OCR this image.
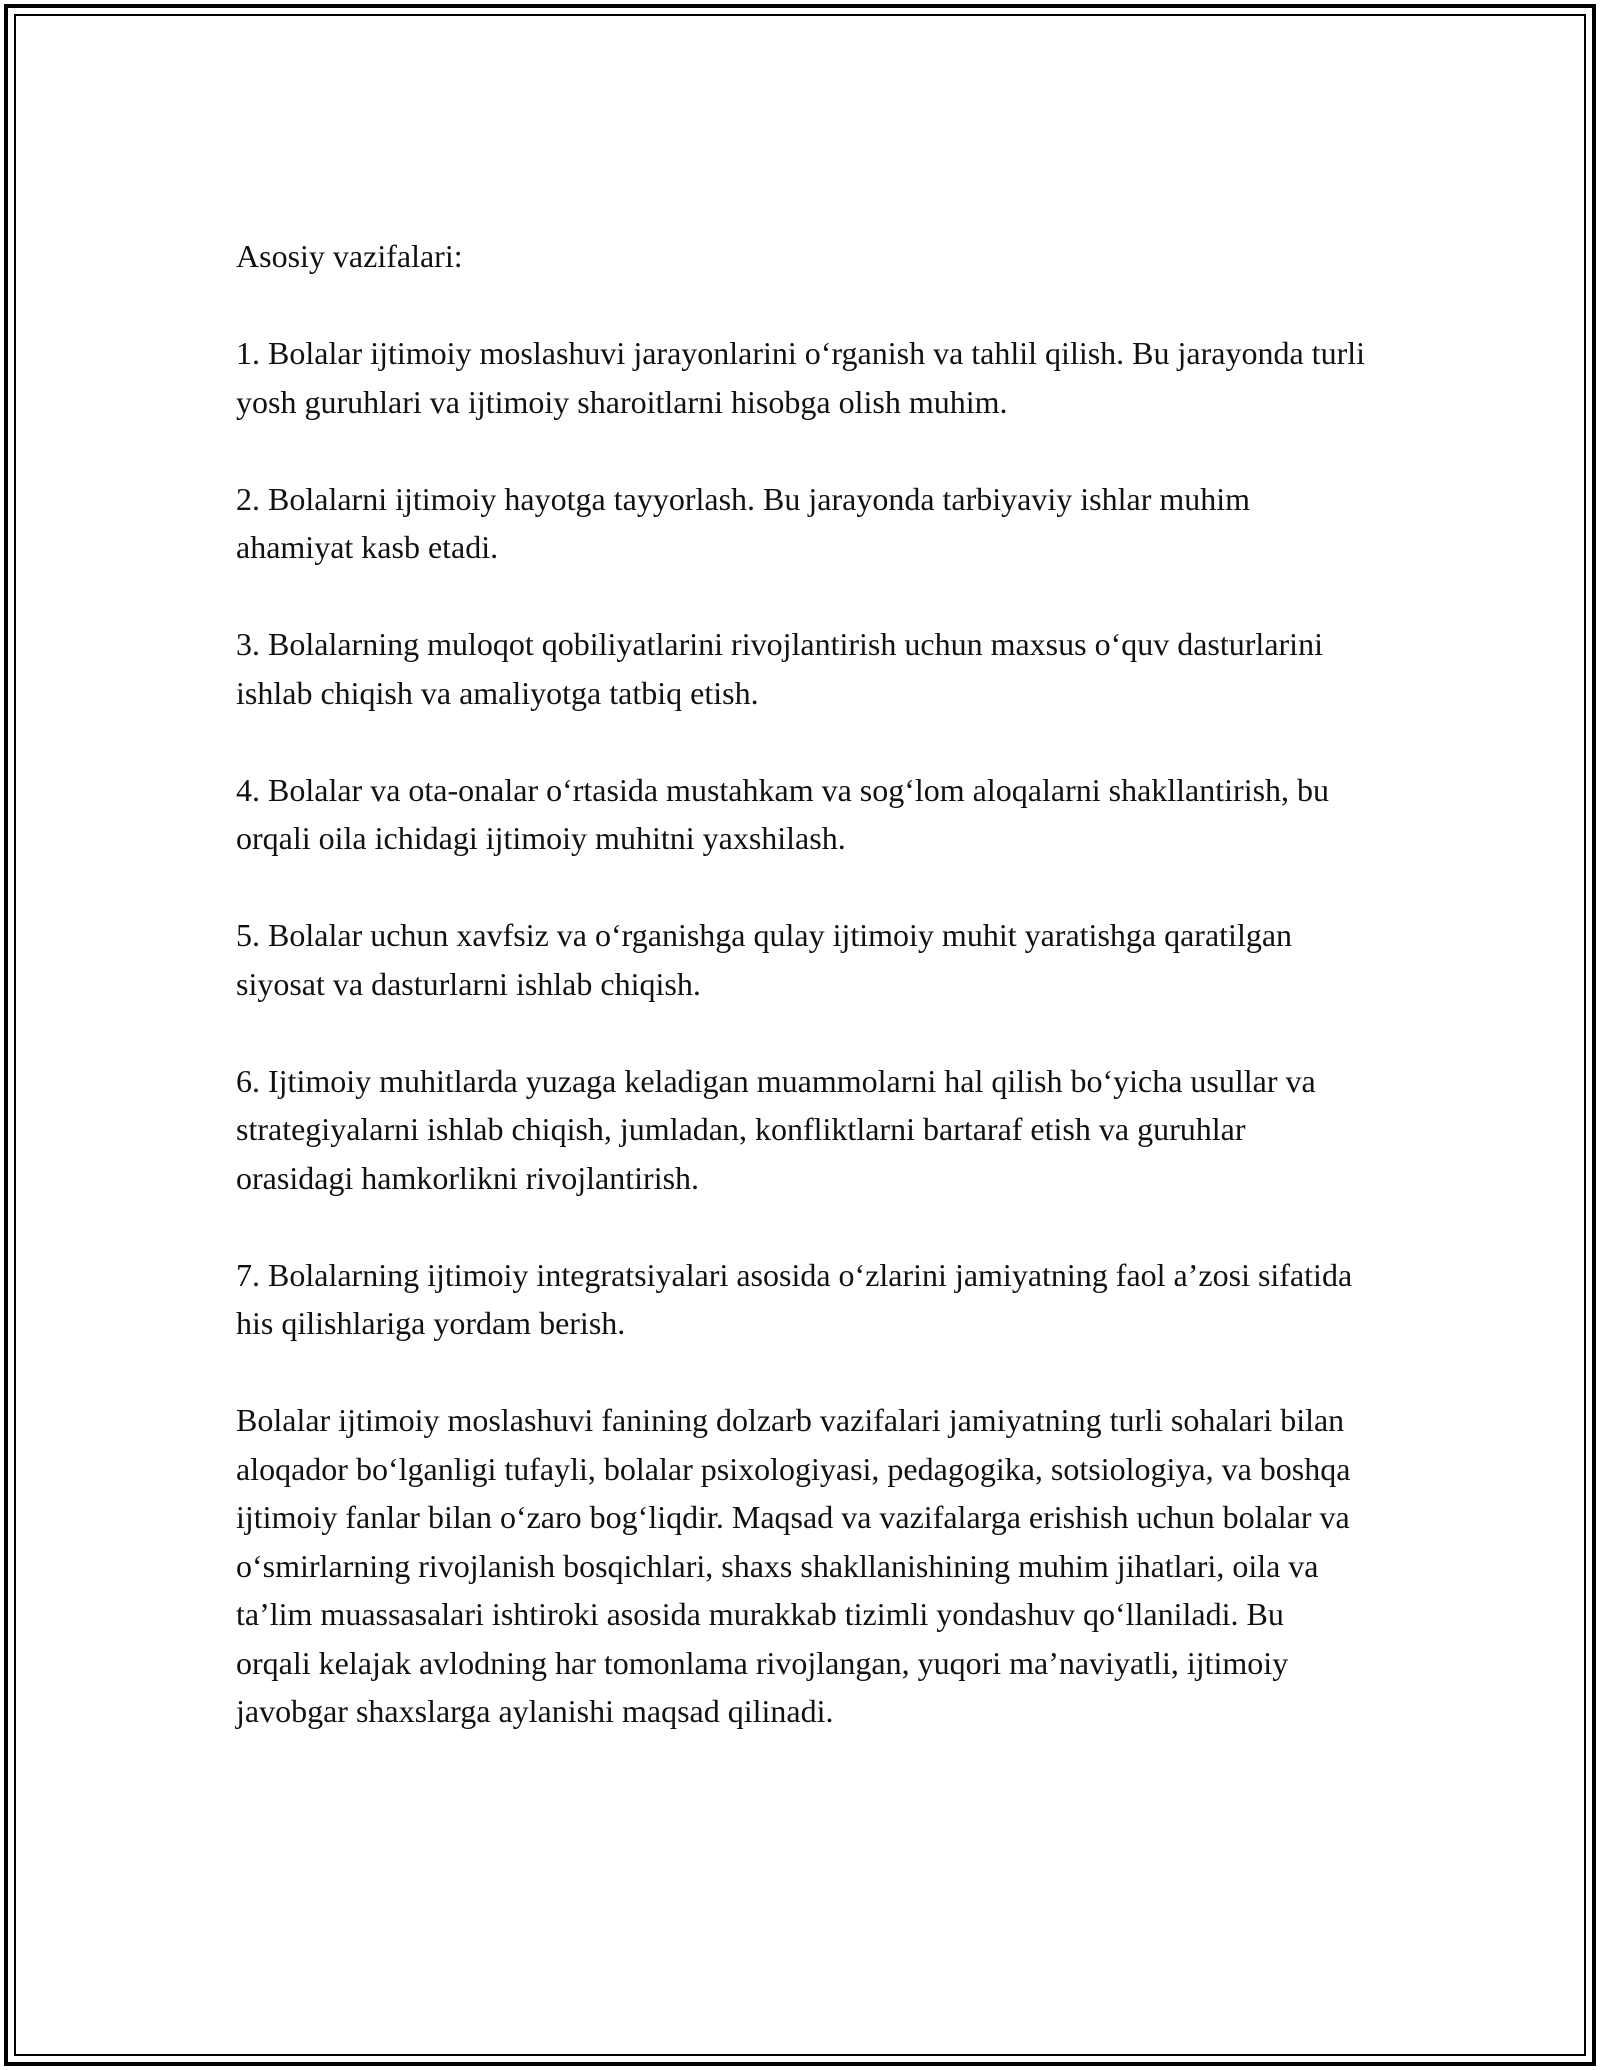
Asosiy vazifalari:

1. Bolalar ijtimoiy moslashuvi jarayonlarini o‘rganish va tahlil qilish. Bu jarayonda turli yosh guruhlari va ijtimoiy sharoitlarni hisobga olish muhim.

2. Bolalarni ijtimoiy hayotga tayyorlash. Bu jarayonda tarbiyaviy ishlar muhim ahamiyat kasb etadi.

3. Bolalarning muloqot qobiliyatlarini rivojlantirish uchun maxsus o‘quv dasturlarini ishlab chiqish va amaliyotga tatbiq etish.

4. Bolalar va ota-onalar o‘rtasida mustahkam va sog‘lom aloqalarni shakllantirish, bu orqali oila ichidagi ijtimoiy muhitni yaxshilash.

5. Bolalar uchun xavfsiz va o‘rganishga qulay ijtimoiy muhit yaratishga qaratilgan siyosat va dasturlarni ishlab chiqish.

6. Ijtimoiy muhitlarda yuzaga keladigan muammolarni hal qilish bo‘yicha usullar va strategiyalarni ishlab chiqish, jumladan, konfliktlarni bartaraf etish va guruhlar orasidagi hamkorlikni rivojlantirish.

7. Bolalarning ijtimoiy integratsiyalari asosida o‘zlarini jamiyatning faol a’zosi sifatida his qilishlariga yordam berish.

Bolalar ijtimoiy moslashuvi fanining dolzarb vazifalari jamiyatning turli sohalari bilan aloqador bo‘lganligi tufayli, bolalar psixologiyasi, pedagogika, sotsiologiya, va boshqa ijtimoiy fanlar bilan o‘zaro bog‘liqdir. Maqsad va vazifalarga erishish uchun bolalar va o‘smirlarning rivojlanish bosqichlari, shaxs shakllanishining muhim jihatlari, oila va ta’lim muassasalari ishtiroki asosida murakkab tizimli yondashuv qo‘llaniladi. Bu orqali kelajak avlodning har tomonlama rivojlangan, yuqori ma’naviyatli, ijtimoiy javobgar shaxslarga aylanishi maqsad qilinadi.
